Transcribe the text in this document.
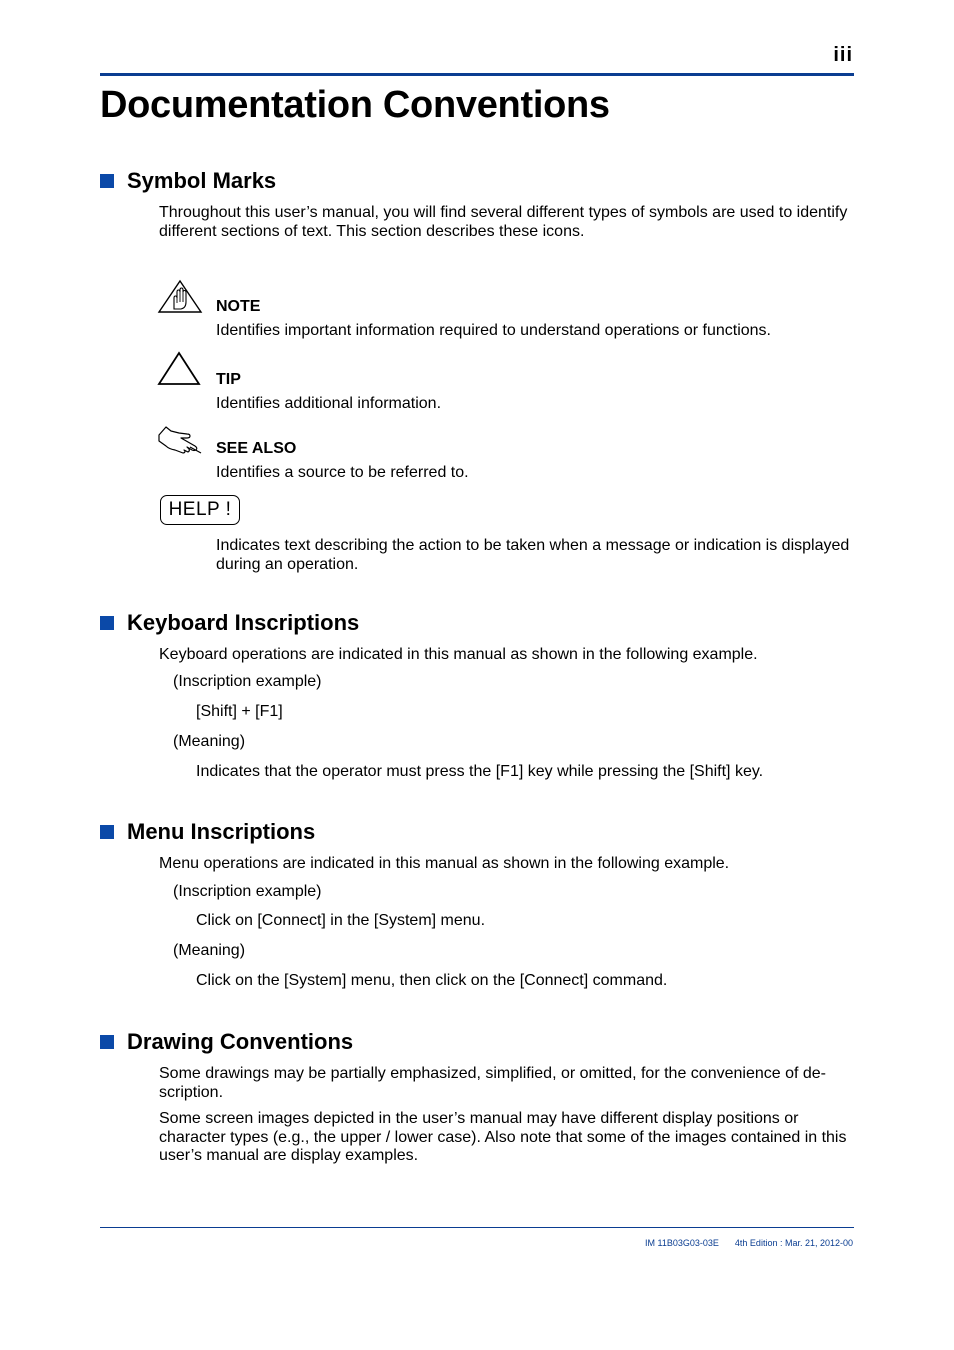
iii
Documentation Conventions
Symbol Marks

Throughout this user’s manual, you will find several different types of symbols are used to identify different sections of text. This section describes these icons.

NOTE

Identifies important information required to understand operations or functions.

TIP

Identifies additional information.

SEE ALSO

Identifies a source to be referred to.

HELP !

Indicates text describing the action to be taken when a message or indication is displayed during an operation.

Keyboard Inscriptions

Keyboard operations are indicated in this manual as shown in the following example.

(Inscription example)

[Shift] + [F1]

(Meaning)

Indicates that the operator must press the [F1] key while pressing the [Shift] key.

Menu Inscriptions

Menu operations are indicated in this manual as shown in the following example.

(Inscription example)

Click on [Connect] in the [System] menu.

(Meaning)

Click on the [System] menu, then click on the [Connect] command.

Drawing Conventions

Some drawings may be partially emphasized, simplified, or omitted, for the convenience of de-scription.

Some screen images depicted in the user’s manual may have different display positions or character types (e.g., the upper / lower case). Also note that some of the images contained in this user’s manual are display examples.

IM 11B03G03-03E 4th Edition : Mar. 21, 2012-00
